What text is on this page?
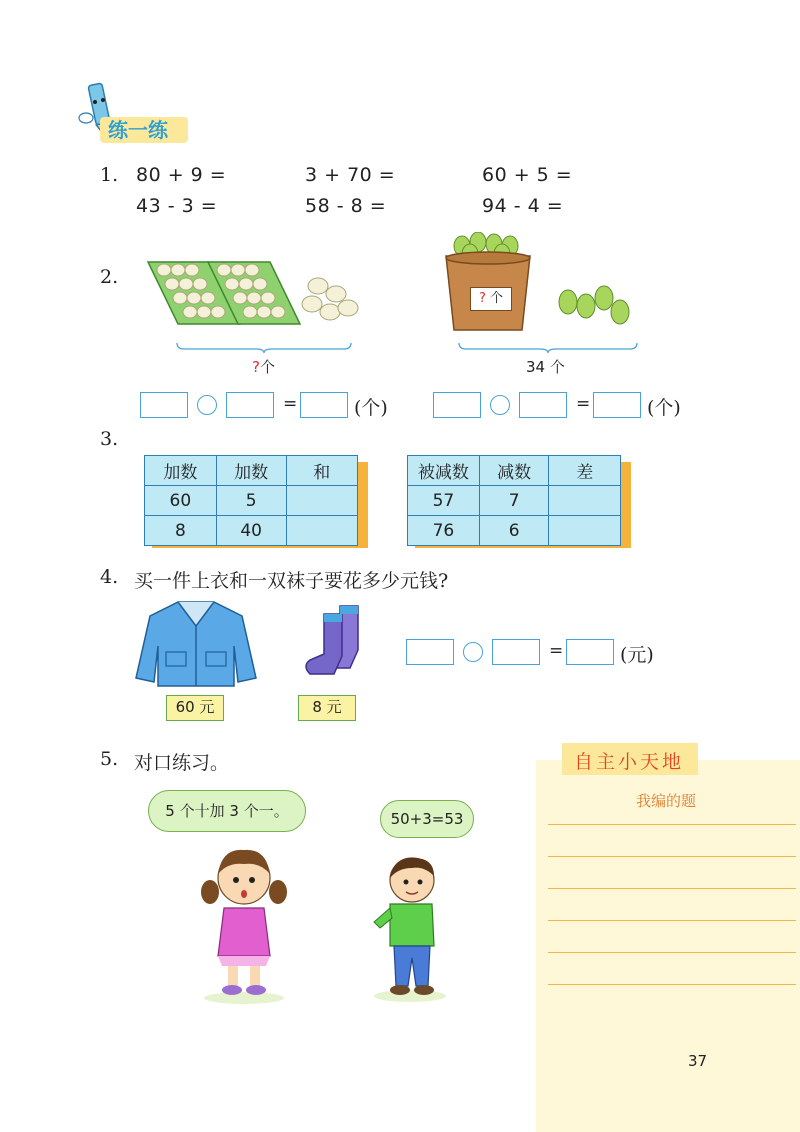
练一练
1. 80 + 9 =	3 + 70 =	60 + 5 =
43 - 3 =	58 - 8 =	94 - 4 =
2.
?个
? 个
34 个
=	(个)	=	(个)
3.
加数	加数	和
60	5	
8	40	
被减数	减数	差
57	7	
76	6	
4. 买一件上衣和一双袜子要花多少元钱?
60 元	8 元
=	(元)
5. 对口练习。
5 个十加 3 个一。	50+3=53
自主小天地
我编的题
37
